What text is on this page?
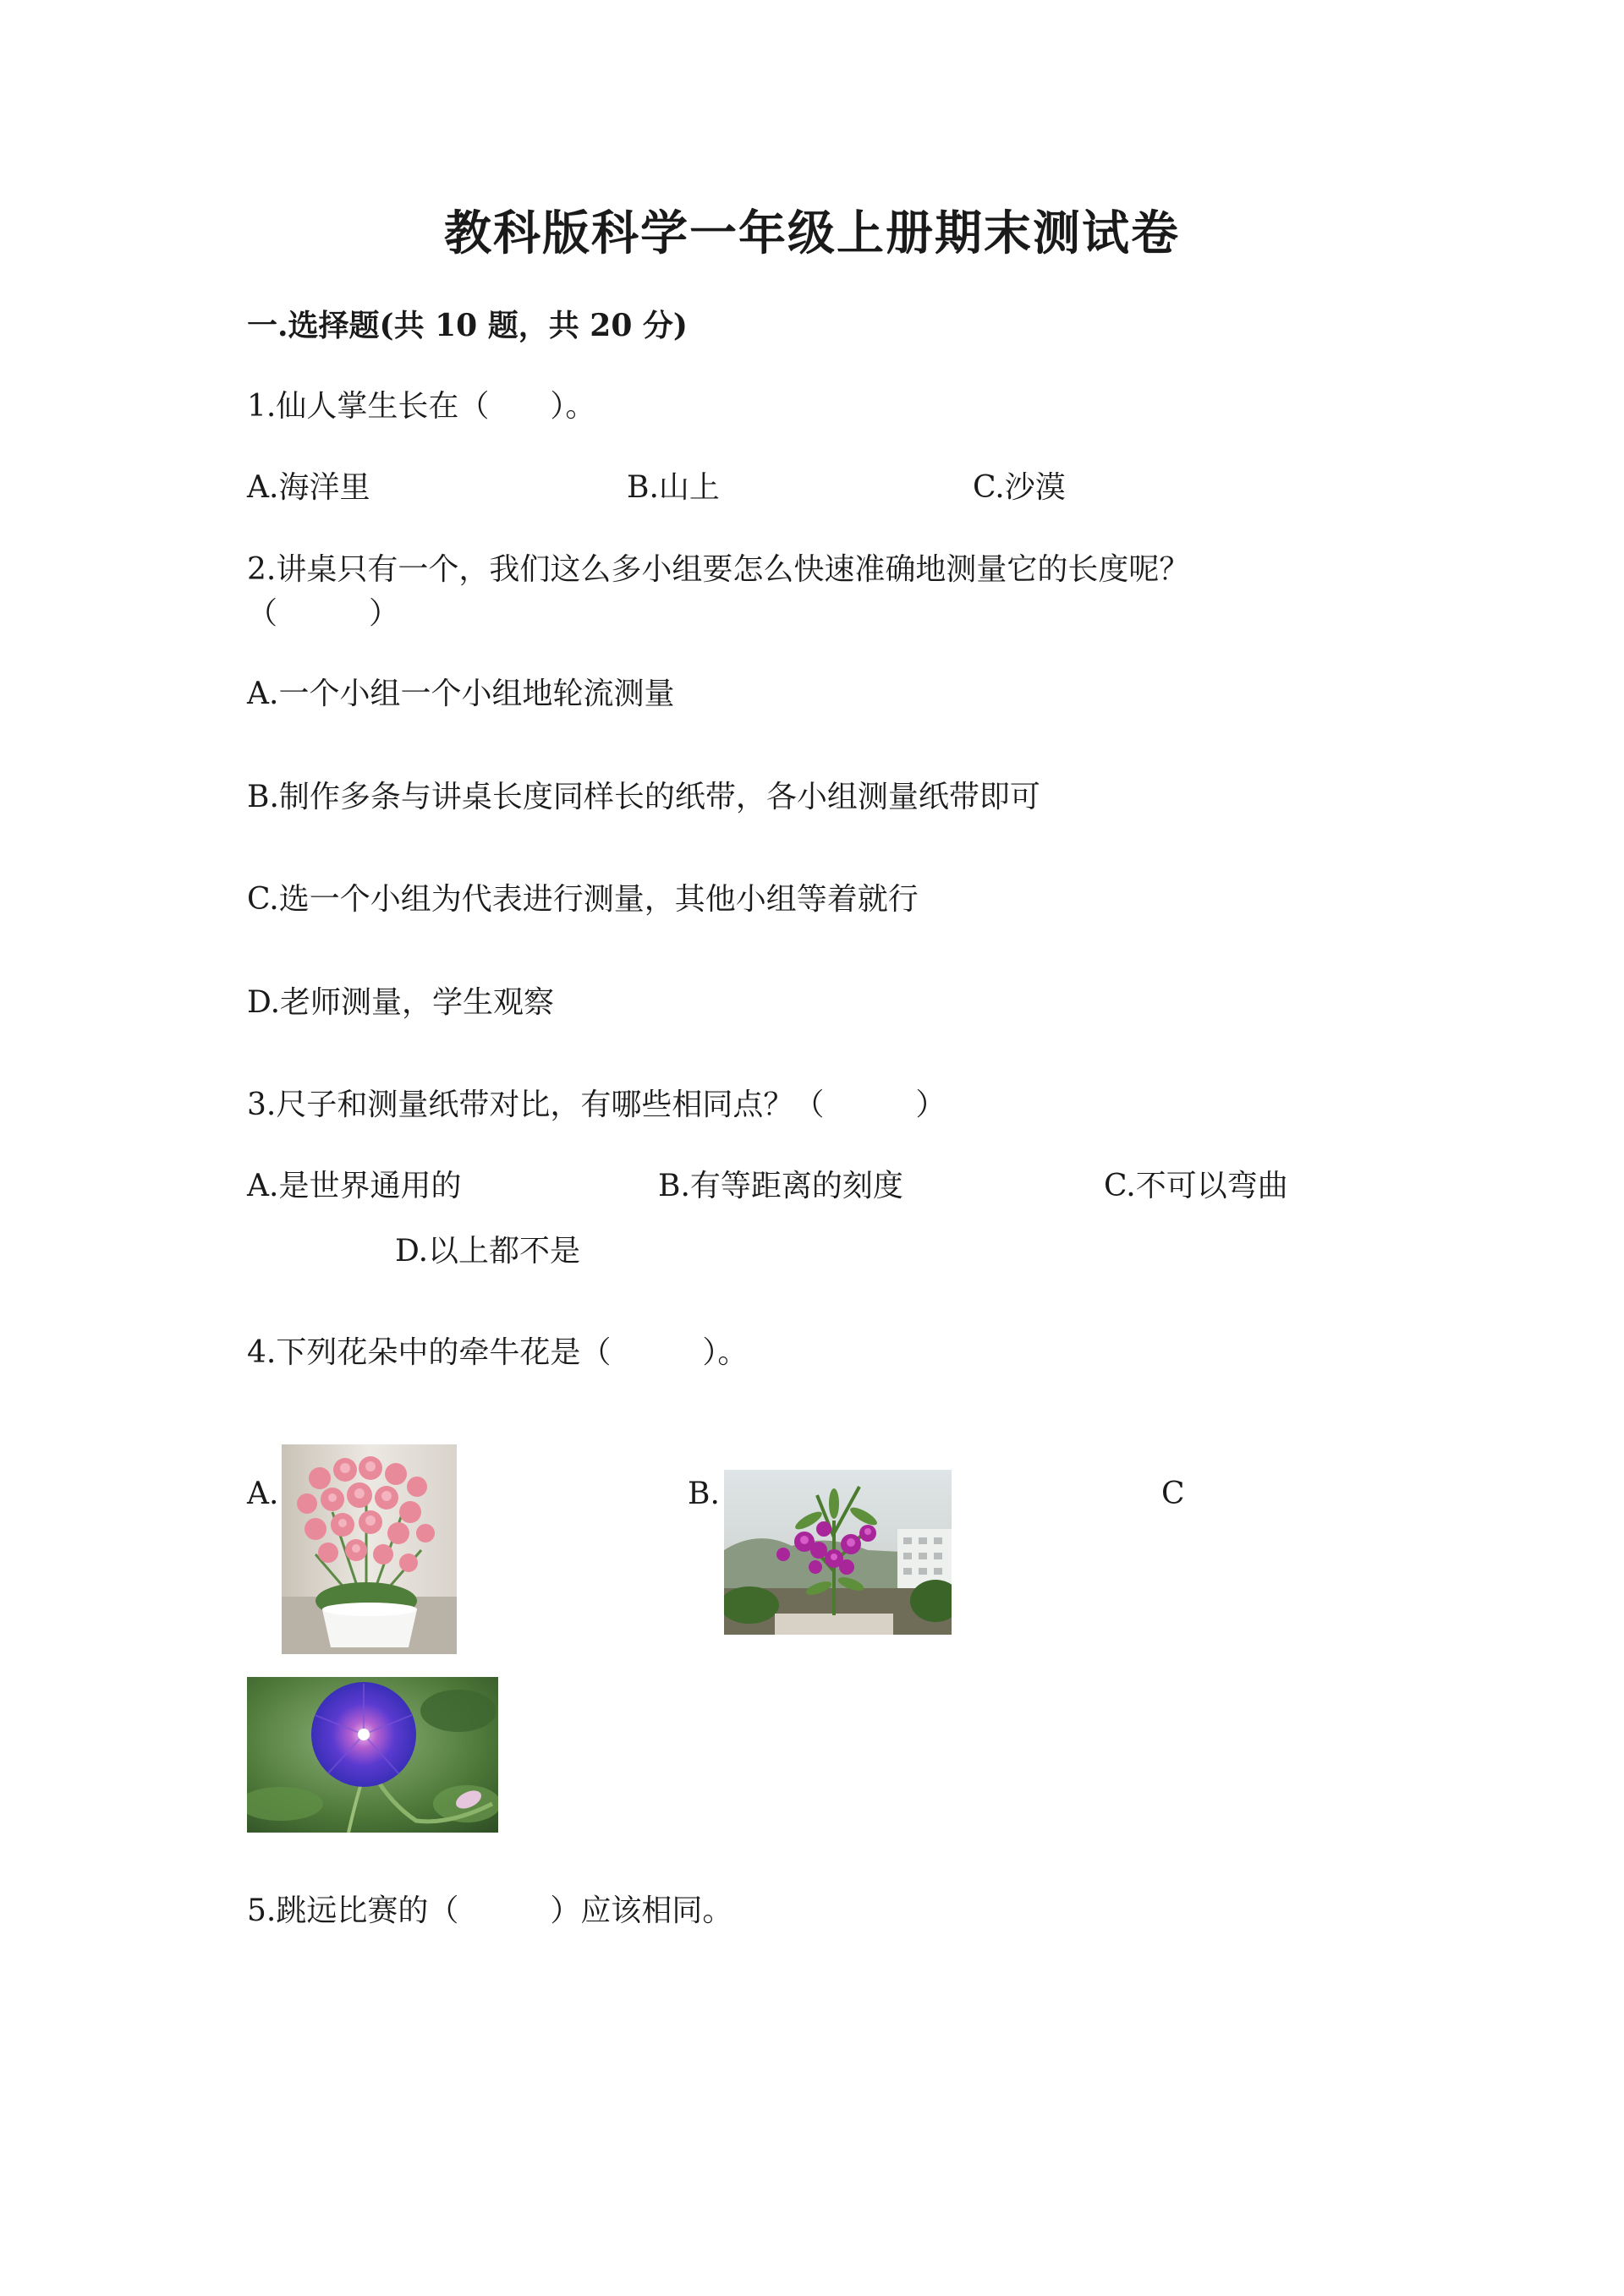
教科版科学一年级上册期末测试卷
一.选择题(共 10 题，共 20 分)
1.仙人掌生长在（　　）。
A.海洋里	B.山上	C.沙漠
2.讲桌只有一个，我们这么多小组要怎么快速准确地测量它的长度呢？
（　　　）
A.一个小组一个小组地轮流测量
B.制作多条与讲桌长度同样长的纸带，各小组测量纸带即可
C.选一个小组为代表进行测量，其他小组等着就行
D.老师测量，学生观察
3.尺子和测量纸带对比，有哪些相同点？（　　　）
A.是世界通用的	B.有等距离的刻度	C.不可以弯曲
D.以上都不是
4.下列花朵中的牵牛花是（　　　）。
A.	B.	C
5.跳远比赛的（　　　）应该相同。
